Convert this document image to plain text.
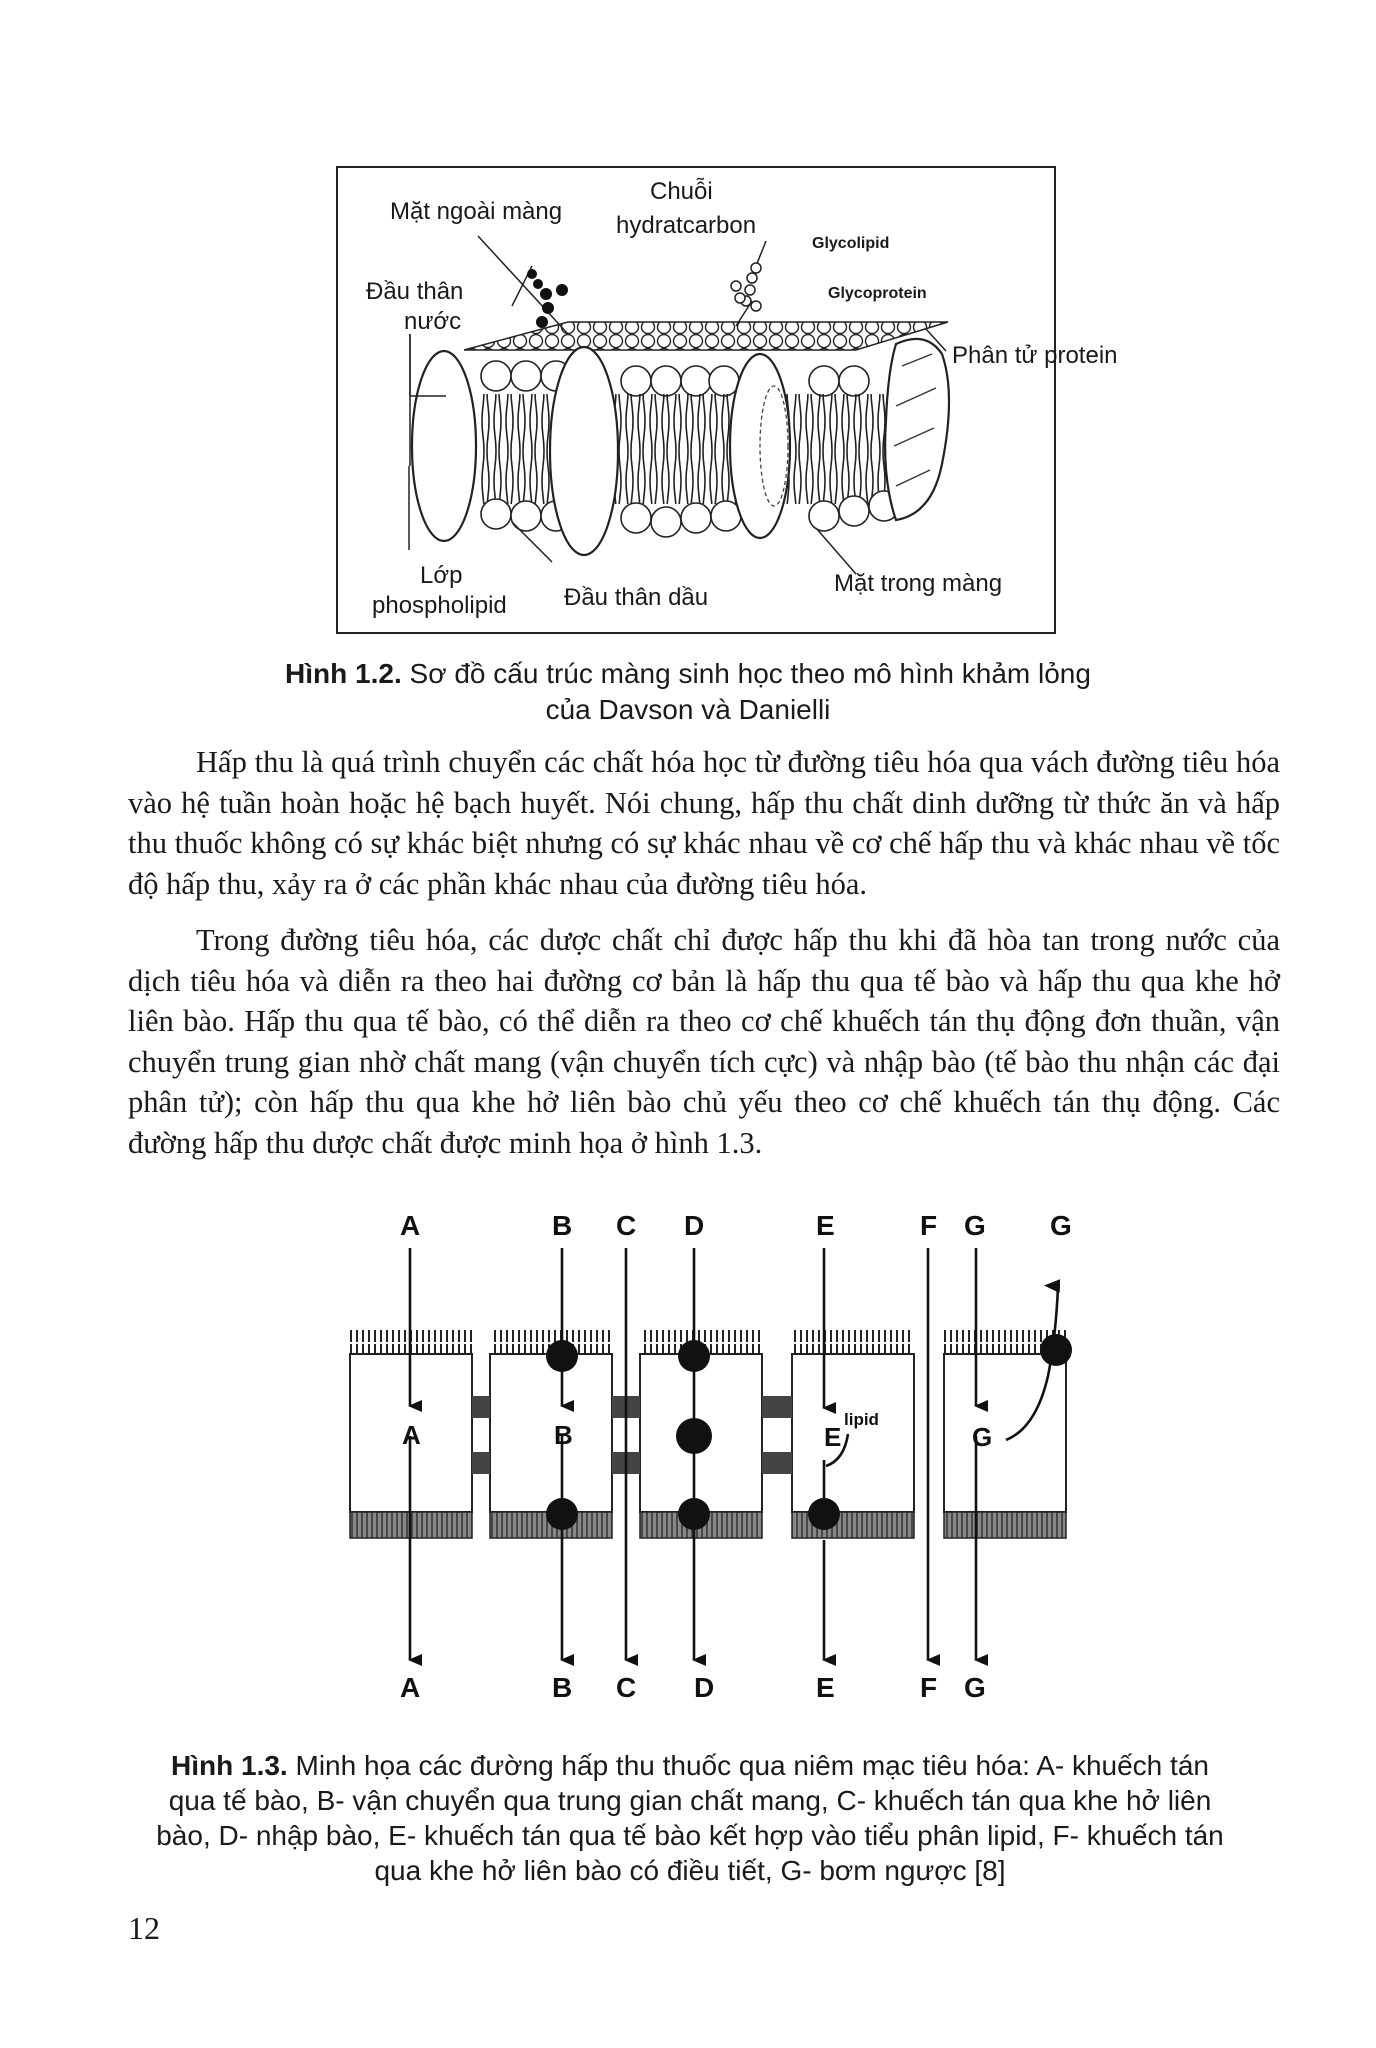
Mặt ngoài màng
Chuỗi
hydratcarbon
Glycolipid
Glycoprotein
Đầu thân
nước
Phân tử protein
Lớp
phospholipid Đầu thân dầu
Mặt trong màng
Hình 1.2. Sơ đồ cấu trúc màng sinh học theo mô hình khảm lỏng
của Davson và Danielli

Hấp thu là quá trình chuyển các chất hóa học từ đường tiêu hóa qua vách đường tiêu hóa vào hệ tuần hoàn hoặc hệ bạch huyết. Nói chung, hấp thu chất dinh dưỡng từ thức ăn và hấp thu thuốc không có sự khác biệt nhưng có sự khác nhau về cơ chế hấp thu và khác nhau về tốc độ hấp thu, xảy ra ở các phần khác nhau của đường tiêu hóa.

Trong đường tiêu hóa, các dược chất chỉ được hấp thu khi đã hòa tan trong nước của dịch tiêu hóa và diễn ra theo hai đường cơ bản là hấp thu qua tế bào và hấp thu qua khe hở liên bào. Hấp thu qua tế bào, có thể diễn ra theo cơ chế khuếch tán thụ động đơn thuần, vận chuyển trung gian nhờ chất mang (vận chuyển tích cực) và nhập bào (tế bào thu nhận các đại phân tử); còn hấp thu qua khe hở liên bào chủ yếu theo cơ chế khuếch tán thụ động. Các đường hấp thu dược chất được minh họa ở hình 1.3.

A	B C D	E	F G G
A	B	E
lipid
G
A	B C D	E	F G
Hình 1.3. Minh họa các đường hấp thu thuốc qua niêm mạc tiêu hóa: A- khuếch tán
qua tế bào, B- vận chuyển qua trung gian chất mang, C- khuếch tán qua khe hở liên
bào, D- nhập bào, E- khuếch tán qua tế bào kết hợp vào tiểu phân lipid, F- khuếch tán
qua khe hở liên bào có điều tiết, G- bơm ngược [8]
12
